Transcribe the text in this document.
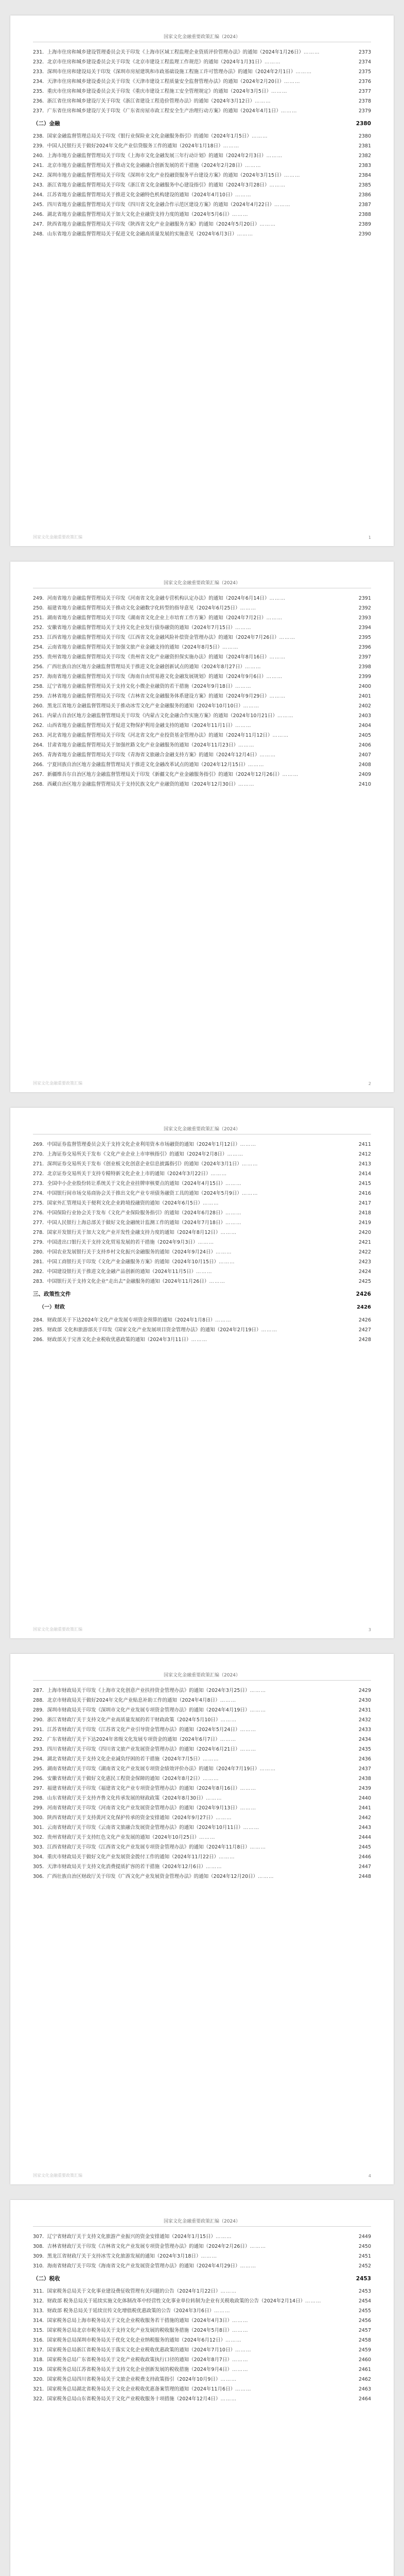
国家文化金融重要政策汇编（2024）
231．上海市住房和城乡建设管理委员会关于印发《上海市区域工程监理企业资质评价管理办法》的通知（2024年1月26日）………	2373
232．北京市住房和城乡建设委员会关于印发《北京市建设工程监理工作规范》的通知（2024年1月31日）………	2374
233．深圳市住房和建设局关于印发《深圳市房屋建筑和市政基础设施工程施工许可管理办法》的通知（2024年2月1日）………	2375
234．天津市住房和城乡建设委员会关于印发《天津市建设工程质量安全监督管理办法》的通知（2024年2月20日）………	2376
235．重庆市住房和城乡建设委员会关于印发《重庆市建设工程施工安全管理规定》的通知（2024年3月5日）………	2377
236．浙江省住房和城乡建设厅关于印发《浙江省建设工程造价管理办法》的通知（2024年3月12日）………	2378
237．广东省住房和城乡建设厅关于印发《广东省房屋市政工程安全生产治理行动方案》的通知（2024年4月1日）………	2379
（二）金融	2380
238．国家金融监督管理总局关于印发《银行业保险业文化金融服务指引》的通知（2024年1月5日）………	2380
239．中国人民银行关于做好2024年文化产业信贷服务工作的通知（2024年1月18日）………	2381
240．上海市地方金融监督管理局关于印发《上海市文化金融发展三年行动计划》的通知（2024年2月3日）………	2382
241．北京市地方金融监督管理局关于推动文化金融融合创新发展的若干措施（2024年2月28日）………	2383
242．深圳市地方金融监督管理局关于印发《深圳市文化产业投融资服务平台建设方案》的通知（2024年3月15日）………	2384
243．浙江省地方金融监督管理局关于印发《浙江省文化金融服务中心建设指引》的通知（2024年3月28日）………	2385
244．江苏省地方金融监督管理局关于推进文化金融特色机构建设的通知（2024年4月10日）………	2386
245．四川省地方金融监督管理局关于印发《四川省文化金融合作示范区建设方案》的通知（2024年4月22日）………	2387
246．湖北省地方金融监督管理局关于加大文化企业融资支持力度的通知（2024年5月6日）………	2388
247．陕西省地方金融监督管理局关于印发《陕西省文化产业金融服务方案》的通知（2024年5月20日）………	2389
248．山东省地方金融监督管理局关于促进文化金融高质量发展的实施意见（2024年6月3日）………	2390
国家文化金融重要政策汇编	1
国家文化金融重要政策汇编（2024）
249．河南省地方金融监督管理局关于印发《河南省文化金融专营机构认定办法》的通知（2024年6月14日）………	2391
250．福建省地方金融监督管理局关于推动文化金融数字化转型的指导意见（2024年6月25日）………	2392
251．湖南省地方金融监督管理局关于印发《湖南省文化企业上市培育工作方案》的通知（2024年7月2日）………	2393
252．安徽省地方金融监督管理局关于支持文化企业发行债券融资的通知（2024年7月15日）………	2394
253．江西省地方金融监督管理局关于印发《江西省文化金融风险补偿资金管理办法》的通知（2024年7月26日）………	2395
254．云南省地方金融监督管理局关于加强文旅产业金融支持的通知（2024年8月5日）………	2396
255．贵州省地方金融监督管理局关于印发《贵州省文化产业融资担保实施办法》的通知（2024年8月16日）………	2397
256．广西壮族自治区地方金融监督管理局关于推进文化金融创新试点的通知（2024年8月27日）………	2398
257．海南省地方金融监督管理局关于印发《海南自由贸易港文化金融发展规划》的通知（2024年9月6日）………	2399
258．辽宁省地方金融监督管理局关于支持文化小微企业融资的若干措施（2024年9月18日）………	2400
259．吉林省地方金融监督管理局关于印发《吉林省文化金融服务体系建设方案》的通知（2024年9月29日）………	2401
260．黑龙江省地方金融监督管理局关于推动冰雪文化产业金融服务的通知（2024年10月10日）………	2402
261．内蒙古自治区地方金融监督管理局关于印发《内蒙古文化金融合作实施方案》的通知（2024年10月21日）………	2403
262．山西省地方金融监督管理局关于促进文物保护利用金融支持的通知（2024年11月1日）………	2404
263．河北省地方金融监督管理局关于印发《河北省文化产业投资基金管理办法》的通知（2024年11月12日）………	2405
264．甘肃省地方金融监督管理局关于加强丝路文化产业金融服务的通知（2024年11月23日）………	2406
265．青海省地方金融监督管理局关于印发《青海省文旅融合金融支持方案》的通知（2024年12月4日）………	2407
266．宁夏回族自治区地方金融监督管理局关于推进文化金融改革试点的通知（2024年12月15日）………	2408
267．新疆维吾尔自治区地方金融监督管理局关于印发《新疆文化产业金融服务指引》的通知（2024年12月26日）………	2409
268．西藏自治区地方金融监督管理局关于支持民族文化产业融资的通知（2024年12月30日）………	2410
国家文化金融重要政策汇编	2
国家文化金融重要政策汇编（2024）
269．中国证券监督管理委员会关于支持文化企业利用资本市场融资的通知（2024年1月12日）………	2411
270．上海证券交易所关于发布《文化产业企业上市审核指引》的通知（2024年2月8日）………	2412
271．深圳证券交易所关于发布《创业板文化创意企业信息披露指引》的通知（2024年3月1日）………	2413
272．北京证券交易所关于支持专精特新文化企业上市的通知（2024年3月22日）………	2414
273．全国中小企业股份转让系统关于文化企业挂牌审核要点的通知（2024年4月15日）………	2415
274．中国银行间市场交易商协会关于推出文化产业专项债务融资工具的通知（2024年5月9日）………	2416
275．国家外汇管理局关于便利文化企业跨境投融资的通知（2024年6月5日）………	2417
276．中国保险行业协会关于发布《文化产业保险服务指引》的通知（2024年6月28日）………	2418
277．中国人民银行上海总部关于做好文化金融统计监测工作的通知（2024年7月18日）………	2419
278．国家开发银行关于加大文化产业开发性金融支持力度的通知（2024年8月12日）………	2420
279．中国进出口银行关于支持文化贸易发展的若干措施（2024年9月3日）………	2421
280．中国农业发展银行关于支持乡村文化振兴金融服务的通知（2024年9月24日）………	2422
281．中国工商银行关于印发《文化产业金融服务方案》的通知（2024年10月15日）………	2423
282．中国建设银行关于推进文化金融产品创新的通知（2024年11月5日）………	2424
283．中国银行关于支持文化企业“走出去”金融服务的通知（2024年11月26日）………	2425
三、政策性文件	2426
（一）财政	2426
284．财政部关于下达2024年文化产业发展专项资金预算的通知（2024年1月8日）………	2426
285．财政部 文化和旅游部关于印发《国家文化产业发展项目资金管理办法》的通知（2024年2月19日）………	2427
286．财政部关于完善文化企业税收优惠政策的通知（2024年3月11日）………	2428
国家文化金融重要政策汇编	3
国家文化金融重要政策汇编（2024）
287．上海市财政局关于印发《上海市文化创意产业扶持资金管理办法》的通知（2024年3月25日）………	2429
288．北京市财政局关于做好2024年文化产业贴息补助工作的通知（2024年4月8日）………	2430
289．深圳市财政局关于印发《深圳市文化产业发展专项资金管理办法》的通知（2024年4月19日）………	2431
290．浙江省财政厅关于支持文化产业高质量发展的若干财政政策（2024年5月10日）………	2432
291．江苏省财政厅关于印发《江苏省文化产业引导资金管理办法》的通知（2024年5月24日）………	2433
292．广东省财政厅关于下达2024年省级文化发展专项资金的通知（2024年6月7日）………	2434
293．四川省财政厅关于印发《四川省文旅产业发展资金管理办法》的通知（2024年6月21日）………	2435
294．湖北省财政厅关于支持文化企业减负纾困的若干措施（2024年7月5日）………	2436
295．湖南省财政厅关于印发《湖南省文化产业发展专项资金绩效评价办法》的通知（2024年7月19日）………	2437
296．安徽省财政厅关于做好文化惠民工程资金保障的通知（2024年8月2日）………	2438
297．福建省财政厅关于印发《福建省文化产业专项资金管理办法》的通知（2024年8月16日）………	2439
298．山东省财政厅关于支持齐鲁文化传承发展的财政政策（2024年8月30日）………	2440
299．河南省财政厅关于印发《河南省文化产业发展资金管理办法》的通知（2024年9月13日）………	2441
300．陕西省财政厅关于支持黄河文化保护传承的资金安排通知（2024年9月27日）………	2442
301．云南省财政厅关于印发《云南省文旅融合发展资金管理办法》的通知（2024年10月11日）………	2443
302．贵州省财政厅关于支持红色文化产业发展的通知（2024年10月25日）………	2444
303．江西省财政厅关于印发《江西省文化产业发展专项资金管理办法》的通知（2024年11月8日）………	2445
304．重庆市财政局关于做好文化产业发展资金拨付工作的通知（2024年11月22日）………	2446
305．天津市财政局关于支持文化消费提质扩容的若干措施（2024年12月6日）………	2447
306．广西壮族自治区财政厅关于印发《广西文化产业发展资金管理办法》的通知（2024年12月20日）………	2448
国家文化金融重要政策汇编	4
国家文化金融重要政策汇编（2024）
307．辽宁省财政厅关于支持文化旅游产业振兴的资金安排通知（2024年1月15日）………	2449
308．吉林省财政厅关于印发《吉林省文化产业发展专项资金管理办法》的通知（2024年2月26日）………	2450
309．黑龙江省财政厅关于支持冰雪文化旅游发展的通知（2024年3月18日）………	2451
310．海南省财政厅关于印发《海南省文化产业发展资金管理办法》的通知（2024年4月29日）………	2452
（二）税收	2453
311．国家税务总局关于文化事业建设费征收管理有关问题的公告（2024年1月22日）………	2453
312．财政部 税务总局关于延续实施文化体制改革中经营性文化事业单位转制为企业有关税收政策的公告（2024年2月14日）………	2454
313．财政部 税务总局关于延续宣传文化增值税优惠政策的公告（2024年3月6日）………	2455
314．国家税务总局上海市税务局关于文化企业税收服务若干措施的通知（2024年4月3日）………	2456
315．国家税务总局北京市税务局关于支持文化产业发展的税收服务措施（2024年5月8日）………	2457
316．国家税务总局深圳市税务局关于优化文化企业纳税服务的通知（2024年6月12日）………	2458
317．国家税务总局浙江省税务局关于落实文化企业税收优惠政策的通知（2024年7月10日）………	2459
318．国家税务总局广东省税务局关于文化产业税收政策执行口径的通知（2024年8月7日）………	2460
319．国家税务总局江苏省税务局关于支持文化企业创新发展的税收措施（2024年9月4日）………	2461
320．国家税务总局四川省税务局关于文旅企业税费支持政策指引（2024年10月9日）………	2462
321．国家税务总局湖北省税务局关于文化企业税收优惠备案管理的通知（2024年11月6日）………	2463
322．国家税务总局山东省税务局关于文化产业税收服务十项措施（2024年12月4日）………	2464
